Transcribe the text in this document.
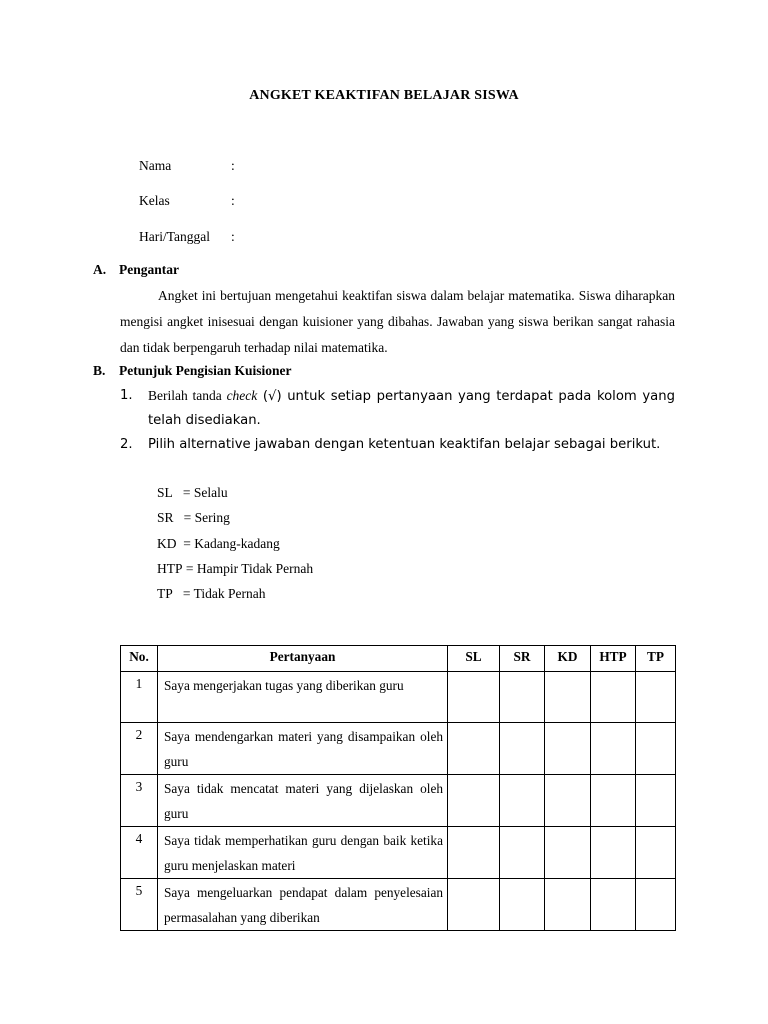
ANGKET KEAKTIFAN BELAJAR SISWA
Nama	:
Kelas	:
Hari/Tanggal :
A. Pengantar
Angket ini bertujuan mengetahui keaktifan siswa dalam belajar matematika. Siswa diharapkan mengisi angket inisesuai dengan kuisioner yang dibahas. Jawaban yang siswa berikan sangat rahasia dan tidak berpengaruh terhadap nilai matematika.
B. Petunjuk Pengisian Kuisioner
1. Berilah tanda check (√) untuk setiap pertanyaan yang terdapat pada kolom yang telah disediakan.
2. Pilih alternative jawaban dengan ketentuan keaktifan belajar sebagai berikut.
SL = Selalu
SR = Sering
KD = Kadang-kadang
HTP = Hampir Tidak Pernah
TP = Tidak Pernah
No.	Pertanyaan	SL	SR	KD	HTP	TP
1	Saya mengerjakan tugas yang diberikan guru					
2	Saya mendengarkan materi yang disampaikan oleh guru					
3	Saya tidak mencatat materi yang dijelaskan oleh guru					
4	Saya tidak memperhatikan guru dengan baik ketika guru menjelaskan materi					
5	Saya mengeluarkan pendapat dalam penyelesaian permasalahan yang diberikan					
